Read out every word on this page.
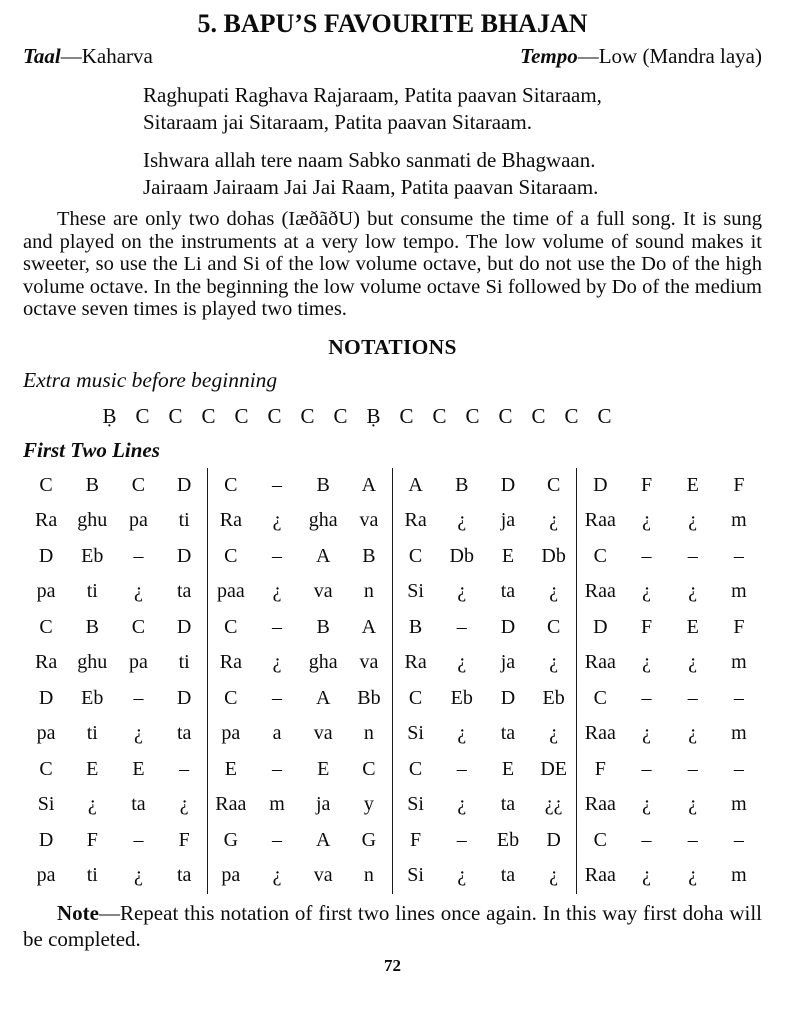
5. BAPU’S FAVOURITE BHAJAN
Taal—Kaharva	Tempo—Low (Mandra laya)
Raghupati Raghava Rajaraam, Patita paavan Sitaraam,
Sitaraam jai Sitaraam, Patita paavan Sitaraam.
Ishwara allah tere naam Sabko sanmati de Bhagwaan.
Jairaam Jairaam Jai Jai Raam, Patita paavan Sitaraam.
These are only two dohas (IæðãðU) but consume the time of a full song. It is sung and played on the instruments at a very low tempo. The low volume of sound makes it sweeter, so use the Li and Si of the low volume octave, but do not use the Do of the high volume octave. In the beginning the low volume octave Si followed by Do of the medium octave seven times is played two times.
NOTATIONS
Extra music before beginning
Ḅ C C C C C C C Ḅ C C C C C C C
First Two Lines
C	B	C	D	C	–	B	A	A	B	D	C	D	F	E	F
Ra	ghu	pa	ti	Ra	¿	gha	va	Ra	¿	ja	¿	Raa	¿	¿	m
D	Eb	–	D	C	–	A	B	C	Db	E	Db	C	–	–	–
pa	ti	¿	ta	paa	¿	va	n	Si	¿	ta	¿	Raa	¿	¿	m
C	B	C	D	C	–	B	A	B	–	D	C	D	F	E	F
Ra	ghu	pa	ti	Ra	¿	gha	va	Ra	¿	ja	¿	Raa	¿	¿	m
D	Eb	–	D	C	–	A	Bb	C	Eb	D	Eb	C	–	–	–
pa	ti	¿	ta	pa	a	va	n	Si	¿	ta	¿	Raa	¿	¿	m
C	E	E	–	E	–	E	C	C	–	E	DE	F	–	–	–
Si	¿	ta	¿	Raa	m	ja	y	Si	¿	ta	¿¿	Raa	¿	¿	m
D	F	–	F	G	–	A	G	F	–	Eb	D	C	–	–	–
pa	ti	¿	ta	pa	¿	va	n	Si	¿	ta	¿	Raa	¿	¿	m
Note—Repeat this notation of first two lines once again. In this way first doha will be completed.
72
